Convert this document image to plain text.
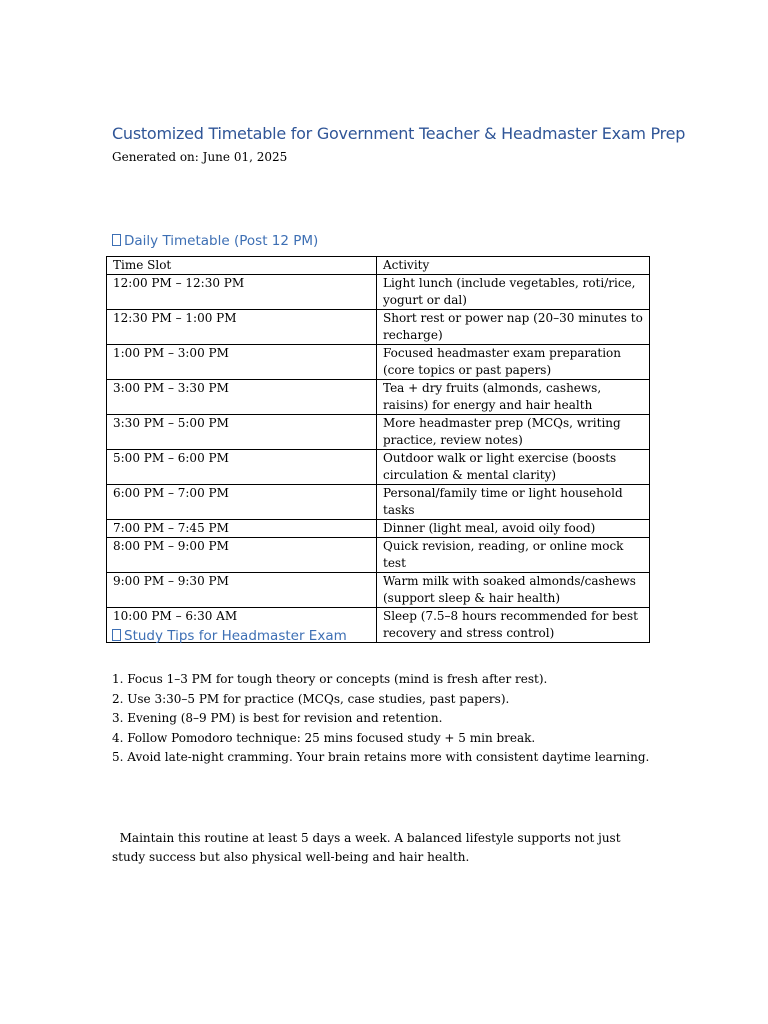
Customized Timetable for Government Teacher & Headmaster Exam Prep
Generated on: June 01, 2025
Daily Timetable (Post 12 PM)
Time Slot	Activity
12:00 PM – 12:30 PM	Light lunch (include vegetables, roti/rice, yogurt or dal)
12:30 PM – 1:00 PM	Short rest or power nap (20–30 minutes to recharge)
1:00 PM – 3:00 PM	Focused headmaster exam preparation (core topics or past papers)
3:00 PM – 3:30 PM	Tea + dry fruits (almonds, cashews, raisins) for energy and hair health
3:30 PM – 5:00 PM	More headmaster prep (MCQs, writing practice, review notes)
5:00 PM – 6:00 PM	Outdoor walk or light exercise (boosts circulation & mental clarity)
6:00 PM – 7:00 PM	Personal/family time or light household tasks
7:00 PM – 7:45 PM	Dinner (light meal, avoid oily food)
8:00 PM – 9:00 PM	Quick revision, reading, or online mock test
9:00 PM – 9:30 PM	Warm milk with soaked almonds/cashews (support sleep & hair health)
10:00 PM – 6:30 AM	Sleep (7.5–8 hours recommended for best recovery and stress control)
Study Tips for Headmaster Exam
1. Focus 1–3 PM for tough theory or concepts (mind is fresh after rest).
2. Use 3:30–5 PM for practice (MCQs, case studies, past papers).
3. Evening (8–9 PM) is best for revision and retention.
4. Follow Pomodoro technique: 25 mins focused study + 5 min break.
5. Avoid late-night cramming. Your brain retains more with consistent daytime learning.

Maintain this routine at least 5 days a week. A balanced lifestyle supports not just study success but also physical well-being and hair health.
